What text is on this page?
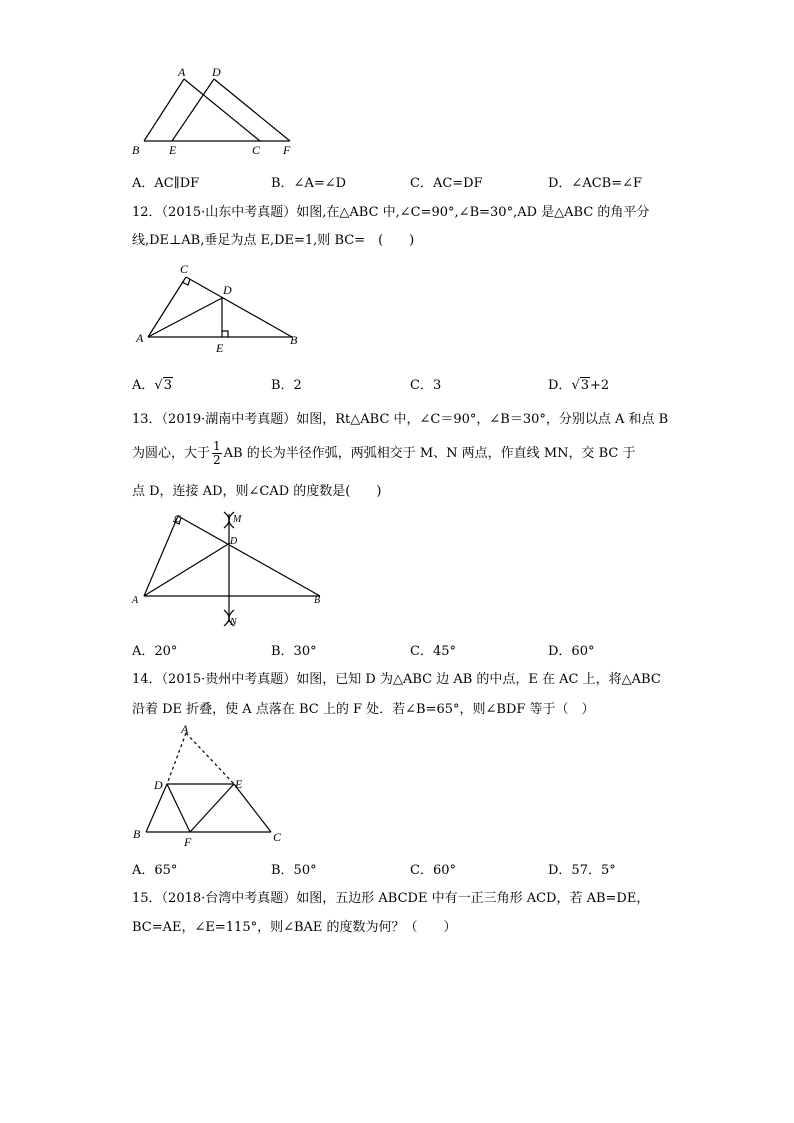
A D
B E	C F
A．AC∥DF	B．∠A=∠D	C．AC=DF	D．∠ACB=∠F
12．（2015·山东中考真题）如图,在△ABC 中,∠C=90°,∠B=30°,AD 是△ABC 的角平分
线,DE⊥AB,垂足为点 E,DE=1,则 BC=　(　　)
C
D
A
E
B
A．√3	B．2	C．3	D．√3+2
13．（2019·湖南中考真题）如图，Rt△ABC 中，∠C＝90°，∠B＝30°，分别以点 A 和点 B
为圆心，大于 $\frac{1}{2}$ AB 的长为半径作弧，两弧相交于 M、N 两点，作直线 MN，交 BC 于
点 D，连接 AD，则∠CAD 的度数是(　　)
C	M
D
A	B
N
A．20°	B．30°	C．45°	D．60°
14．（2015·贵州中考真题）如图，已知 D 为△ABC 边 AB 的中点，E 在 AC 上，将△ABC
沿着 DE 折叠，使 A 点落在 BC 上的 F 处．若∠B=65°，则∠BDF 等于（　）
A
D	E
B
F	C
A．65°	B．50°	C．60°	D．57．5°
15．（2018·台湾中考真题）如图，五边形 ABCDE 中有一正三角形 ACD，若 AB=DE，
BC=AE，∠E=115°，则∠BAE 的度数为何？（　　）
